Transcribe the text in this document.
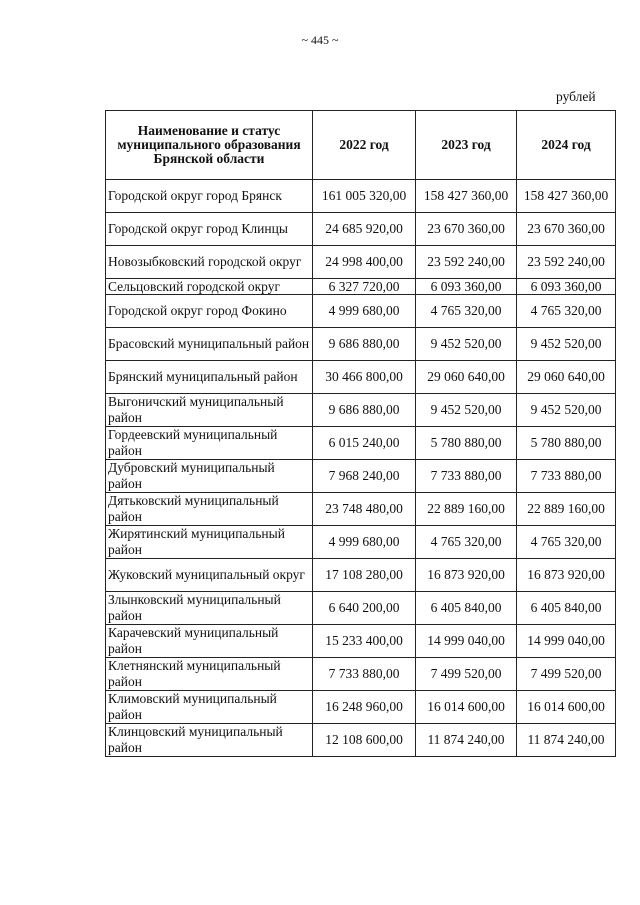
~ 445 ~
рублей
Наименование и статус муниципального образования Брянской области	2022 год	2023 год	2024 год
Городской округ город Брянск	161 005 320,00	158 427 360,00	158 427 360,00
Городской округ город Клинцы	24 685 920,00	23 670 360,00	23 670 360,00
Новозыбковский городской округ	24 998 400,00	23 592 240,00	23 592 240,00
Сельцовский городской округ	6 327 720,00	6 093 360,00	6 093 360,00
Городской округ город Фокино	4 999 680,00	4 765 320,00	4 765 320,00
Брасовский муниципальный район	9 686 880,00	9 452 520,00	9 452 520,00
Брянский муниципальный район	30 466 800,00	29 060 640,00	29 060 640,00
Выгоничский муниципальный район	9 686 880,00	9 452 520,00	9 452 520,00
Гордеевский муниципальный район	6 015 240,00	5 780 880,00	5 780 880,00
Дубровский муниципальный район	7 968 240,00	7 733 880,00	7 733 880,00
Дятьковский муниципальный район	23 748 480,00	22 889 160,00	22 889 160,00
Жирятинский муниципальный район	4 999 680,00	4 765 320,00	4 765 320,00
Жуковский муниципальный округ	17 108 280,00	16 873 920,00	16 873 920,00
Злынковский муниципальный район	6 640 200,00	6 405 840,00	6 405 840,00
Карачевский муниципальный район	15 233 400,00	14 999 040,00	14 999 040,00
Клетнянский муниципальный район	7 733 880,00	7 499 520,00	7 499 520,00
Климовский муниципальный район	16 248 960,00	16 014 600,00	16 014 600,00
Клинцовский муниципальный район	12 108 600,00	11 874 240,00	11 874 240,00
